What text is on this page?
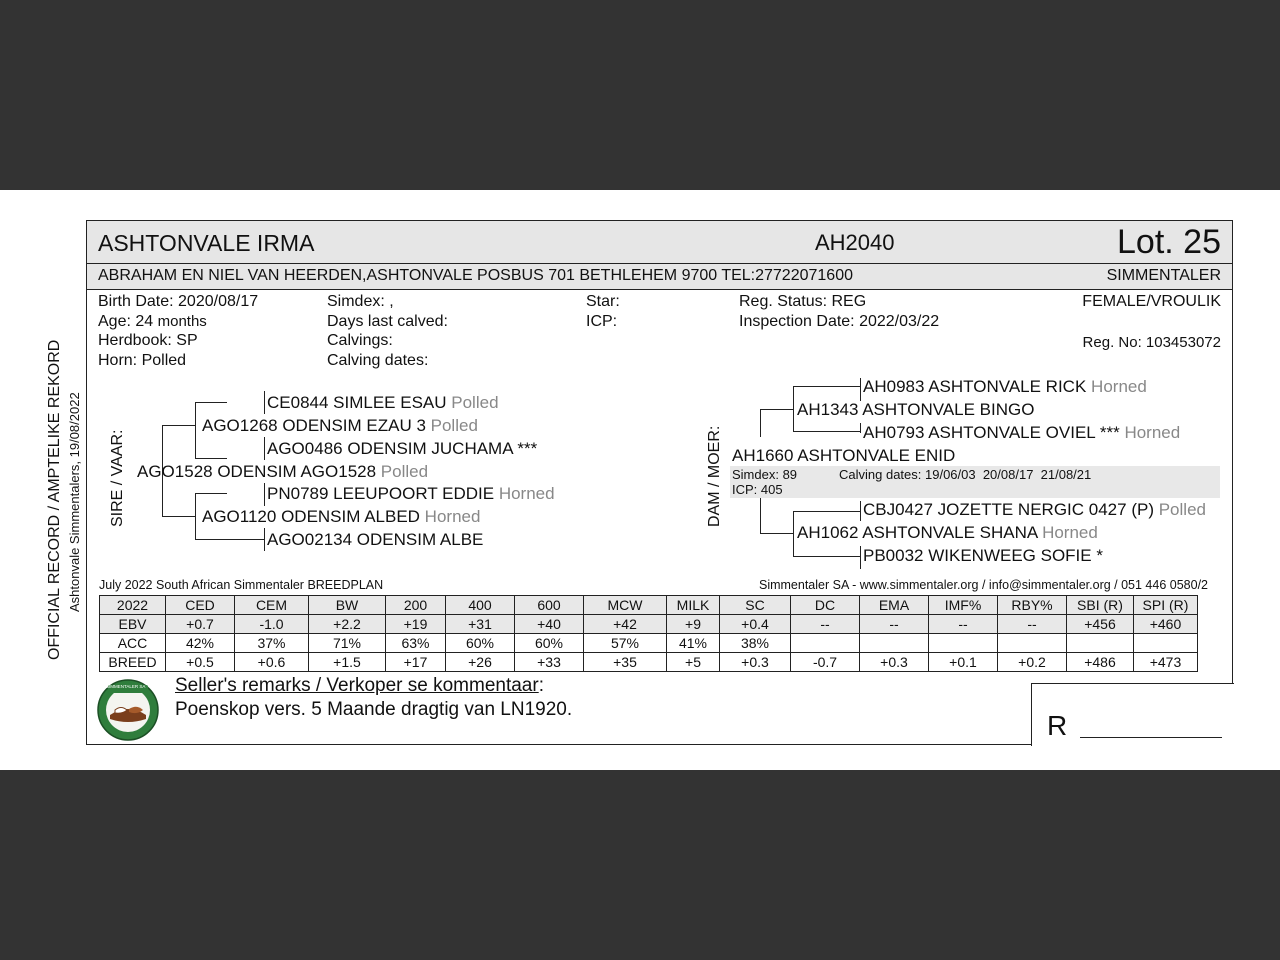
OFFICIAL RECORD / AMPTELIKE REKORD Ashtonvale Simmentalers, 19/08/2022
ASHTONVALE IRMA	AH2040	Lot. 25
ABRAHAM EN NIEL VAN HEERDEN,ASHTONVALE POSBUS 701 BETHLEHEM 9700 TEL:27722071600	SIMMENTALER
Birth Date: 2020/08/17
Age: 24 months
Herdbook: SP
Horn: Polled
Simdex: ,
Days last calved:
Calvings:
Calving dates:
Star:
ICP:
Reg. Status: REG
Inspection Date: 2022/03/22
FEMALE/VROULIK
Reg. No: 103453072
SIRE / VAAR:
CE0844 SIMLEE ESAU Polled
AGO1268 ODENSIM EZAU 3 Polled
AGO0486 ODENSIM JUCHAMA ***
AGO1528 ODENSIM AGO1528 Polled
PN0789 LEEUPOORT EDDIE Horned
AGO1120 ODENSIM ALBED Horned
AGO02134 ODENSIM ALBE
DAM / MOER:
AH0983 ASHTONVALE RICK Horned
AH1343 ASHTONVALE BINGO
AH0793 ASHTONVALE OVIEL *** Horned
AH1660 ASHTONVALE ENID
Simdex: 89
ICP: 405
Calving dates: 19/06/03  20/08/17  21/08/21
CBJ0427 JOZETTE NERGIC 0427 (P) Polled
AH1062 ASHTONVALE SHANA Horned
PB0032 WIKENWEEG SOFIE *
July 2022 South African Simmentaler BREEDPLAN	Simmentaler SA - www.simmentaler.org / info@simmentaler.org / 051 446 0580/2
2022	CED	CEM	BW	200	400	600	MCW	MILK	SC	DC	EMA	IMF%	RBY%	SBI (R)	SPI (R)
EBV	+0.7	-1.0	+2.2	+19	+31	+40	+42	+9	+0.4	--	--	--	--	+456	+460
ACC	42%	37%	71%	63%	60%	60%	57%	41%	38%						
BREED	+0.5	+0.6	+1.5	+17	+26	+33	+35	+5	+0.3	-0.7	+0.3	+0.1	+0.2	+486	+473
SIMMENTALER SA Seller's remarks / Verkoper se kommentaar:
Poenskop vers. 5 Maande dragtig van LN1920.
R
